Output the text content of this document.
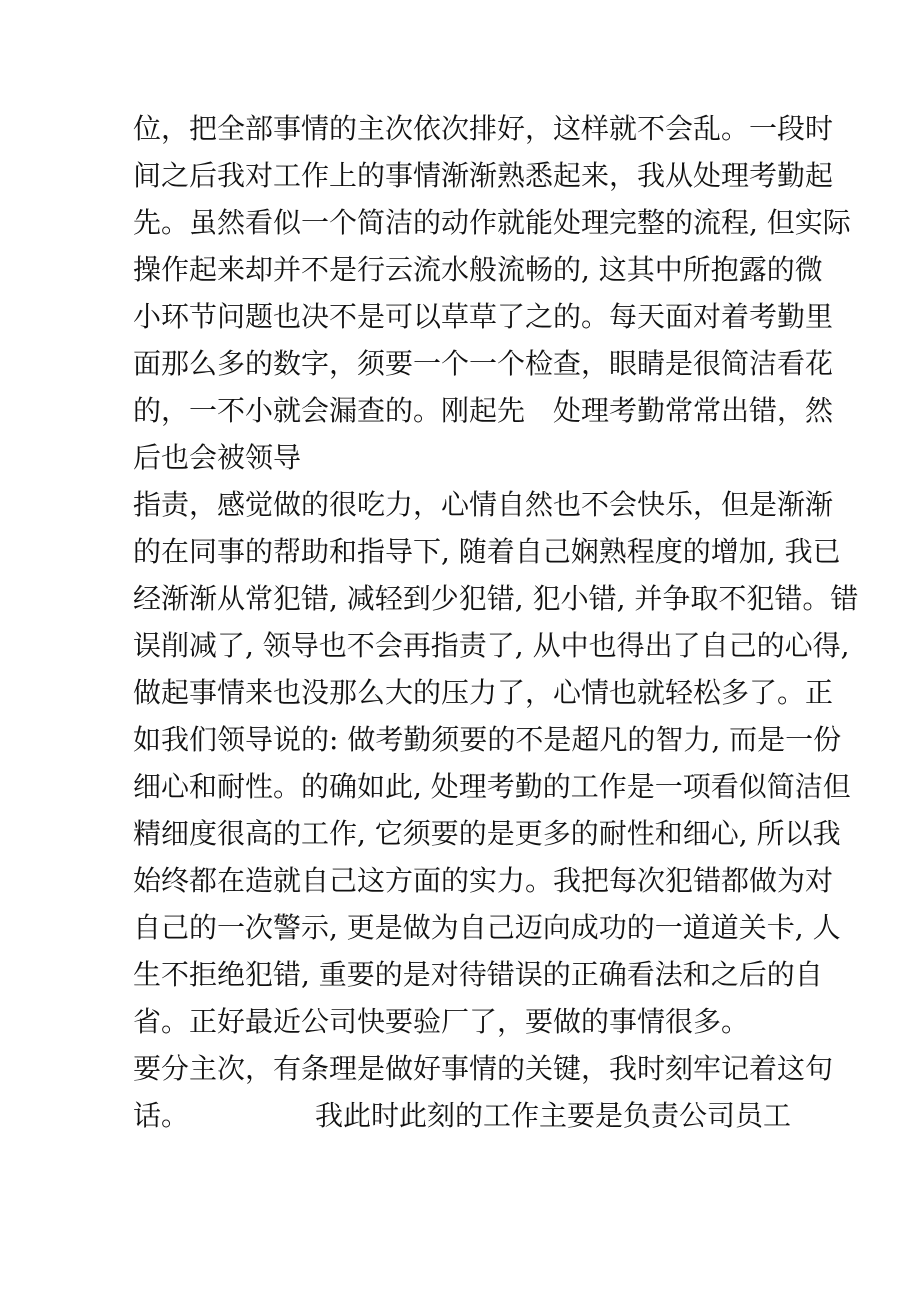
位，把全部事情的主次依次排好，这样就不会乱。一段时
间之后我对工作上的事情渐渐熟悉起来，我从处理考勤起
先。虽然看似一个简洁的动作就能处理完整的流程, 但实际
操作起来却并不是行云流水般流畅的, 这其中所抱露的微
小环节问题也决不是可以草草了之的。每天面对着考勤里
面那么多的数字，须要一个一个检查，眼睛是很简洁看花
的，一不小就会漏查的。刚起先　处理考勤常常出错，然
后也会被领导
指责，感觉做的很吃力，心情自然也不会快乐，但是渐渐
的在同事的帮助和指导下, 随着自己娴熟程度的增加, 我已
经渐渐从常犯错, 减轻到少犯错, 犯小错, 并争取不犯错。错
误削减了, 领导也不会再指责了, 从中也得出了自己的心得,
做起事情来也没那么大的压力了，心情也就轻松多了。正
如我们领导说的: 做考勤须要的不是超凡的智力, 而是一份
细心和耐性。的确如此, 处理考勤的工作是一项看似简洁但
精细度很高的工作, 它须要的是更多的耐性和细心, 所以我
始终都在造就自己这方面的实力。我把每次犯错都做为对
自己的一次警示, 更是做为自己迈向成功的一道道关卡, 人
生不拒绝犯错, 重要的是对待错误的正确看法和之后的自
省。正好最近公司快要验厂了，要做的事情很多。
要分主次，有条理是做好事情的关键，我时刻牢记着这句
话。　　　　　我此时此刻的工作主要是负责公司员工
